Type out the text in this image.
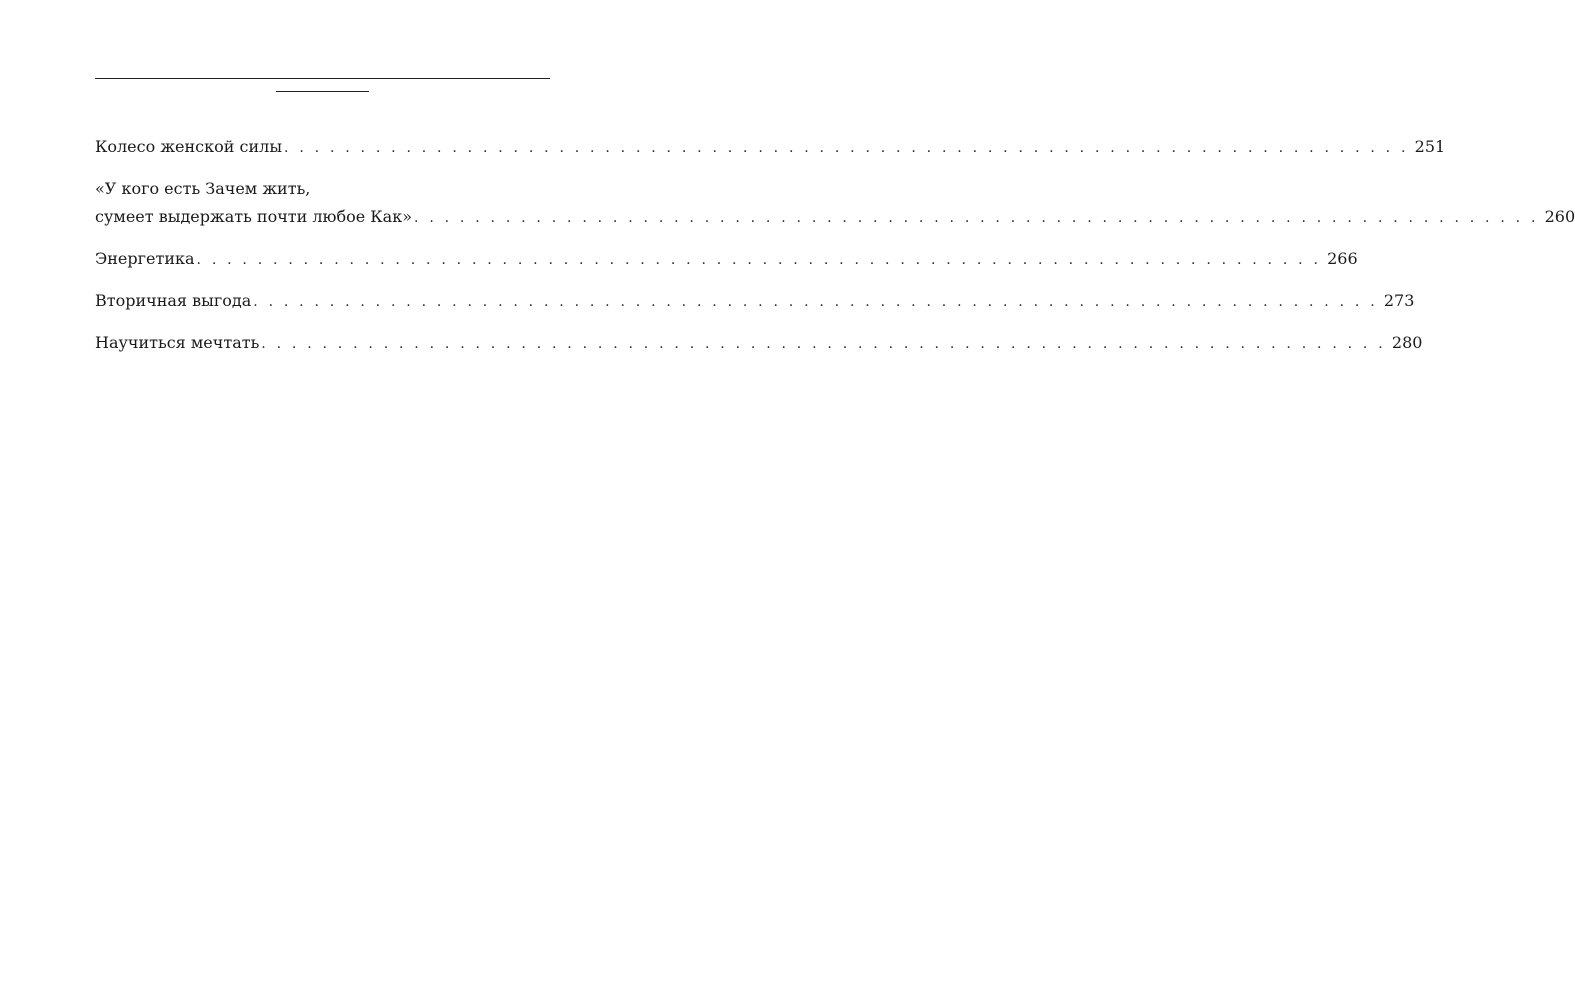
Колесо женской силы . . . . . . . . . . . . . . . . . . . . . . . . . . . . . . . . . . . . . . . . . . . . . . . . . . . . . . . . . . . . . . . . . . . . . . . . . . 251
«У кого есть Зачем жить,
сумеет выдержать почти любое Как» . . . . . . . . . . . . . . . . . . . . . . . . . . . . . . . . . . . . . . . . . . . . . . . . . . . . . . . . . . . . . . . . . . . . . . . . . . 260
Энергетика . . . . . . . . . . . . . . . . . . . . . . . . . . . . . . . . . . . . . . . . . . . . . . . . . . . . . . . . . . . . . . . . . . . . . . . . . . 266
Вторичная выгода . . . . . . . . . . . . . . . . . . . . . . . . . . . . . . . . . . . . . . . . . . . . . . . . . . . . . . . . . . . . . . . . . . . . . . . . . . 273
Научиться мечтать . . . . . . . . . . . . . . . . . . . . . . . . . . . . . . . . . . . . . . . . . . . . . . . . . . . . . . . . . . . . . . . . . . . . . . . . . . 280
